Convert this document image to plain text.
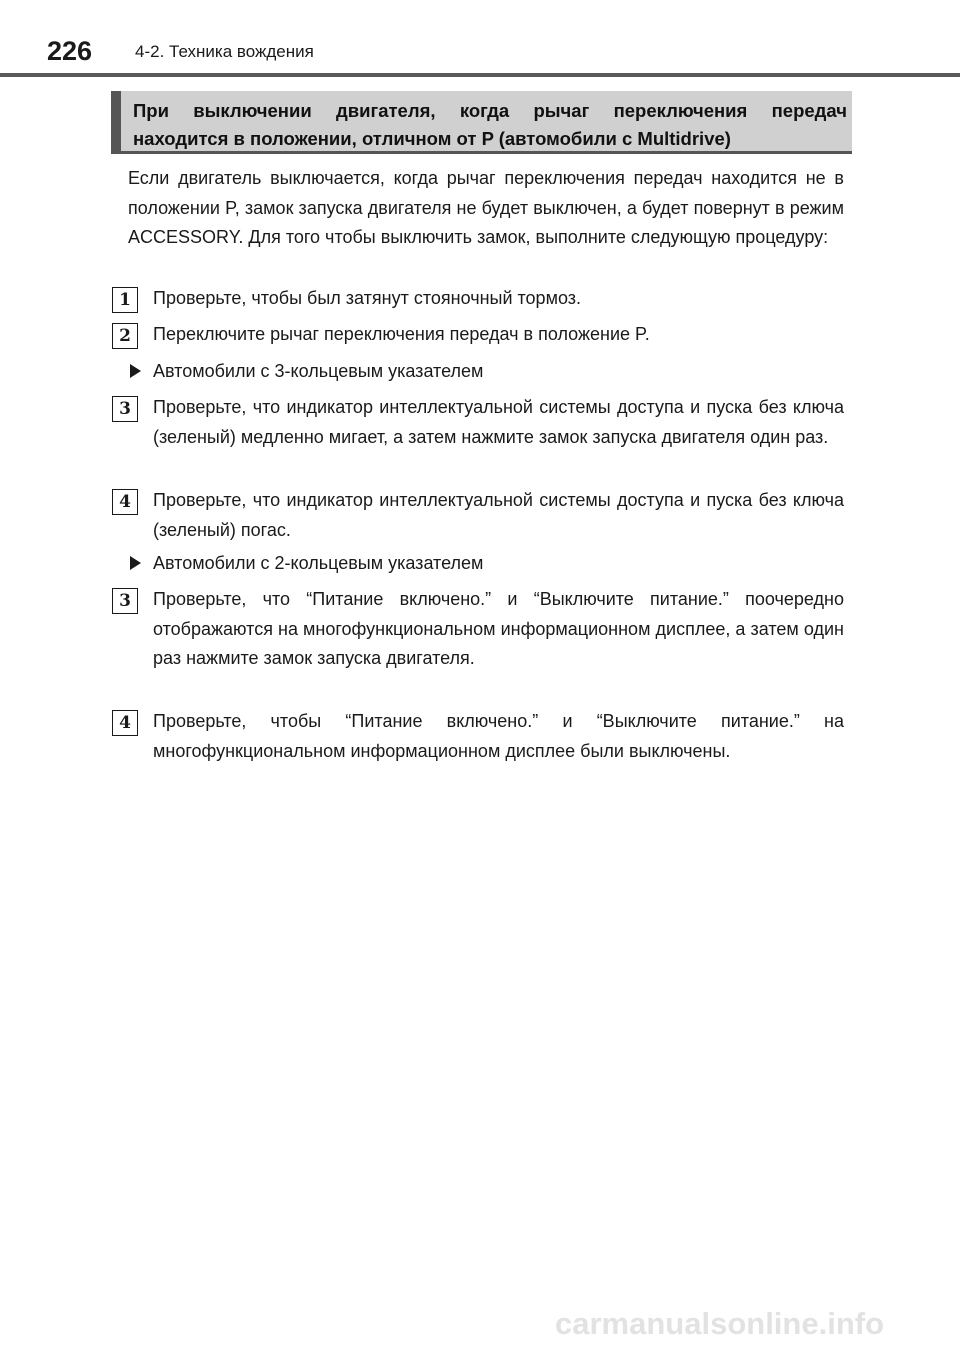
226	4-2. Техника вождения
При выключении двигателя, когда рычаг переключения передач
находится в положении, отличном от P (автомобили с Multidrive)
Если двигатель выключается, когда рычаг переключения передач находится не в положении P, замок запуска двигателя не будет выключен, а будет повернут в режим ACCESSORY. Для того чтобы выключить замок, выполните следующую процедуру:
1	Проверьте, чтобы был затянут стояночный тормоз.
2	Переключите рычаг переключения передач в положение P.
Автомобили с 3-кольцевым указателем
3	Проверьте, что индикатор интеллектуальной системы доступа и пуска без ключа (зеленый) медленно мигает, а затем нажмите замок запуска двигателя один раз.
4	Проверьте, что индикатор интеллектуальной системы доступа и пуска без ключа (зеленый) погас.
Автомобили с 2-кольцевым указателем
3	Проверьте, что “Питание включено.” и “Выключите питание.” поочередно отображаются на многофункциональном информационном дисплее, а затем один раз нажмите замок запуска двигателя.
4	Проверьте, чтобы “Питание включено.” и “Выключите питание.” на многофункциональном информационном дисплее были выключены.
carmanualsonline.info
